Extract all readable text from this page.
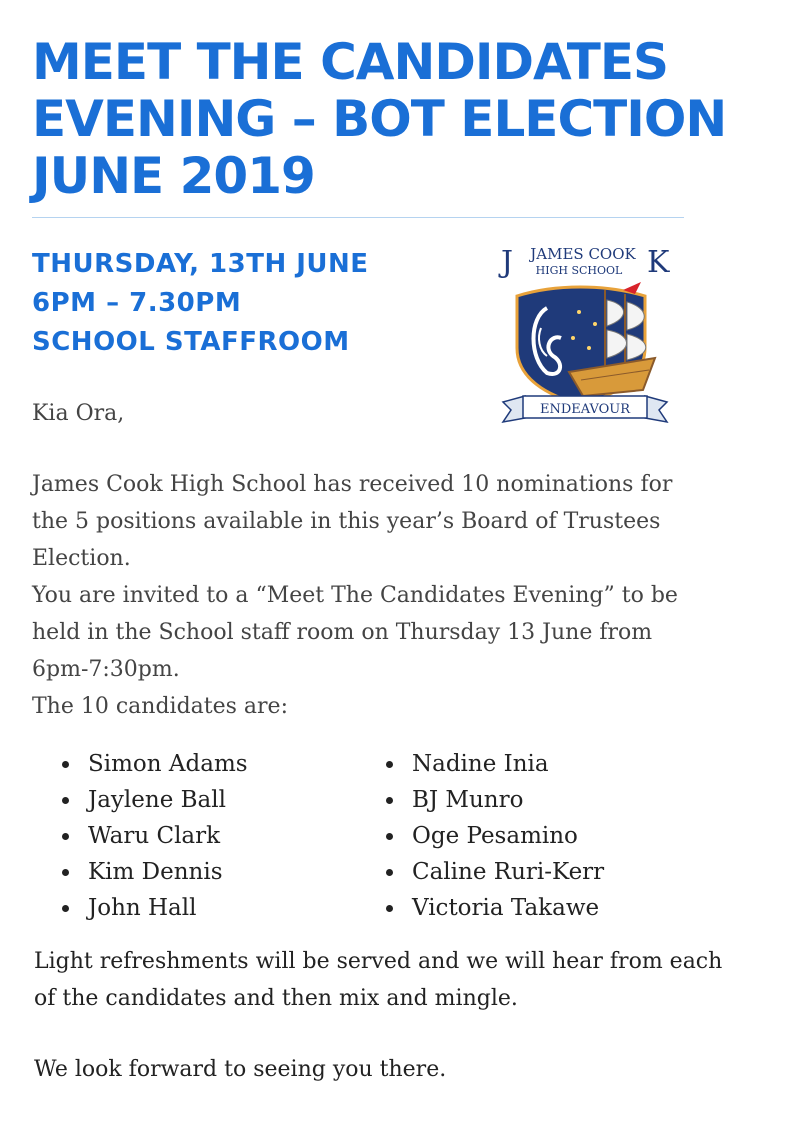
MEET THE CANDIDATES
EVENING – BOT ELECTION
JUNE 2019
THURSDAY, 13TH JUNE
6PM – 7.30PM
SCHOOL STAFFROOM
J	K
JAMES COOK
HIGH SCHOOL
ENDEAVOUR
Kia Ora,
James Cook High School has received 10 nominations for
the 5 positions available in this year’s Board of Trustees
Election.
You are invited to a “Meet The Candidates Evening” to be
held in the School staff room on Thursday 13 June from
6pm-7:30pm.
The 10 candidates are:
Simon Adams
Jaylene Ball
Waru Clark
Kim Dennis
John Hall
Nadine Inia
BJ Munro
Oge Pesamino
Caline Ruri-Kerr
Victoria Takawe
Light refreshments will be served and we will hear from each
of the candidates and then mix and mingle.
We look forward to seeing you there.
